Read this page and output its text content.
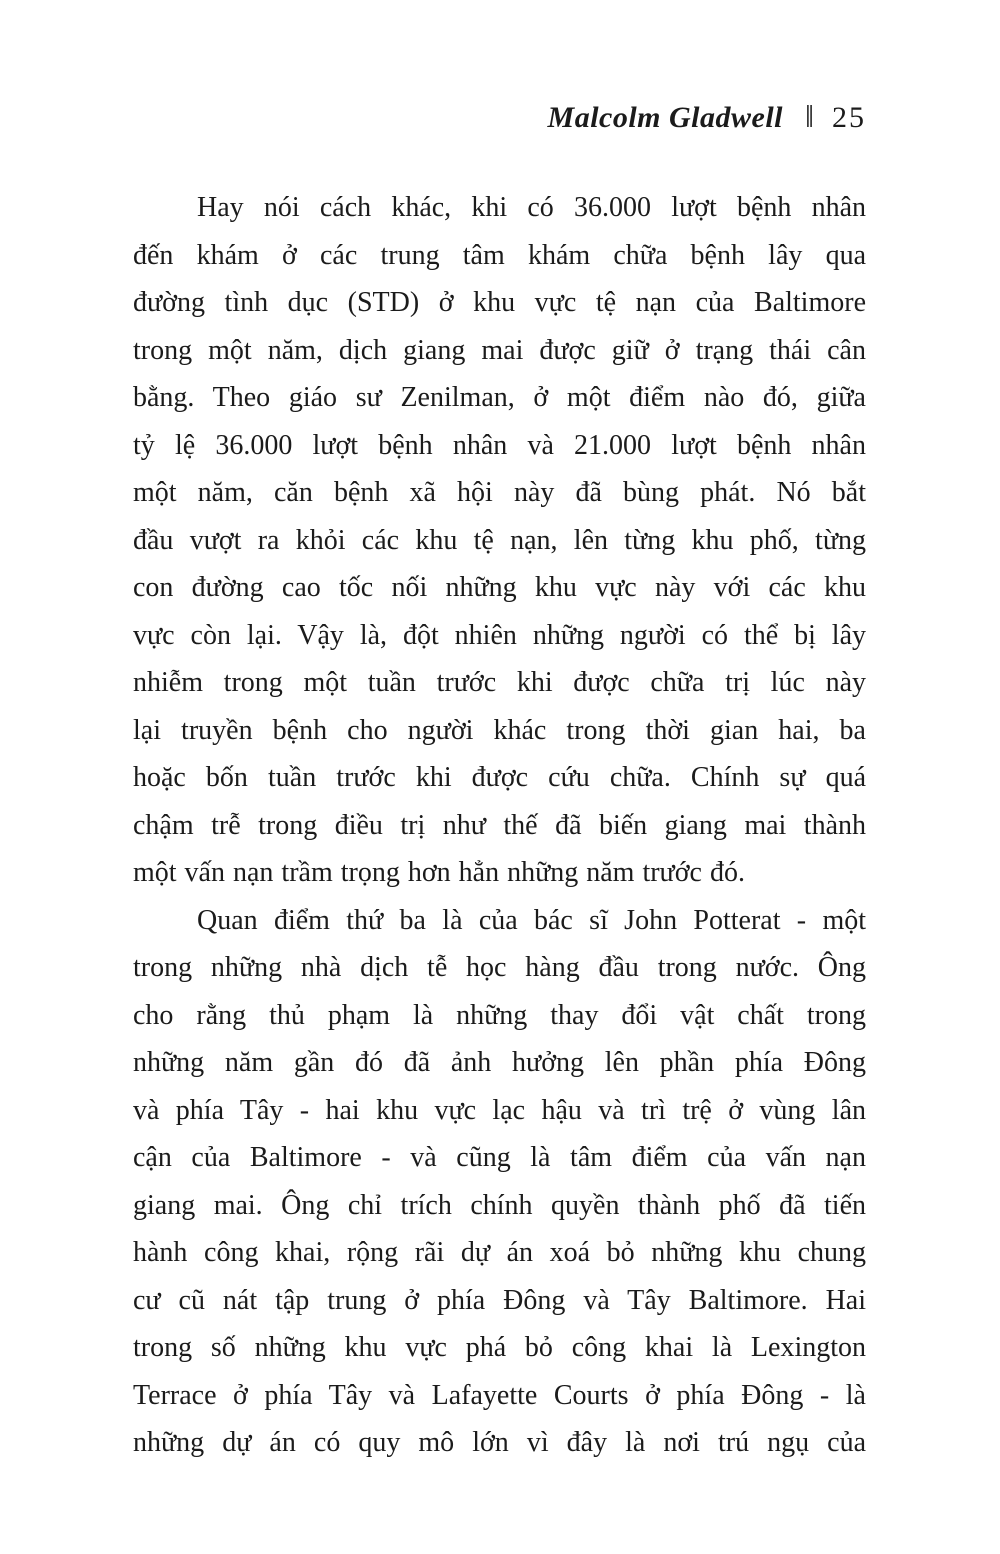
Malcolm Gladwell ‖ 25
Hay nói cách khác, khi có 36.000 lượt bệnh nhân
đến khám ở các trung tâm khám chữa bệnh lây qua
đường tình dục (STD) ở khu vực tệ nạn của Baltimore
trong một năm, dịch giang mai được giữ ở trạng thái cân
bằng. Theo giáo sư Zenilman, ở một điểm nào đó, giữa
tỷ lệ 36.000 lượt bệnh nhân và 21.000 lượt bệnh nhân
một năm, căn bệnh xã hội này đã bùng phát. Nó bắt
đầu vượt ra khỏi các khu tệ nạn, lên từng khu phố, từng
con đường cao tốc nối những khu vực này với các khu
vực còn lại. Vậy là, đột nhiên những người có thể bị lây
nhiễm trong một tuần trước khi được chữa trị lúc này
lại truyền bệnh cho người khác trong thời gian hai, ba
hoặc bốn tuần trước khi được cứu chữa. Chính sự quá
chậm trễ trong điều trị như thế đã biến giang mai thành
một vấn nạn trầm trọng hơn hẳn những năm trước đó.
Quan điểm thứ ba là của bác sĩ John Potterat - một
trong những nhà dịch tễ học hàng đầu trong nước. Ông
cho rằng thủ phạm là những thay đổi vật chất trong
những năm gần đó đã ảnh hưởng lên phần phía Đông
và phía Tây - hai khu vực lạc hậu và trì trệ ở vùng lân
cận của Baltimore - và cũng là tâm điểm của vấn nạn
giang mai. Ông chỉ trích chính quyền thành phố đã tiến
hành công khai, rộng rãi dự án xoá bỏ những khu chung
cư cũ nát tập trung ở phía Đông và Tây Baltimore. Hai
trong số những khu vực phá bỏ công khai là Lexington
Terrace ở phía Tây và Lafayette Courts ở phía Đông - là
những dự án có quy mô lớn vì đây là nơi trú ngụ của
